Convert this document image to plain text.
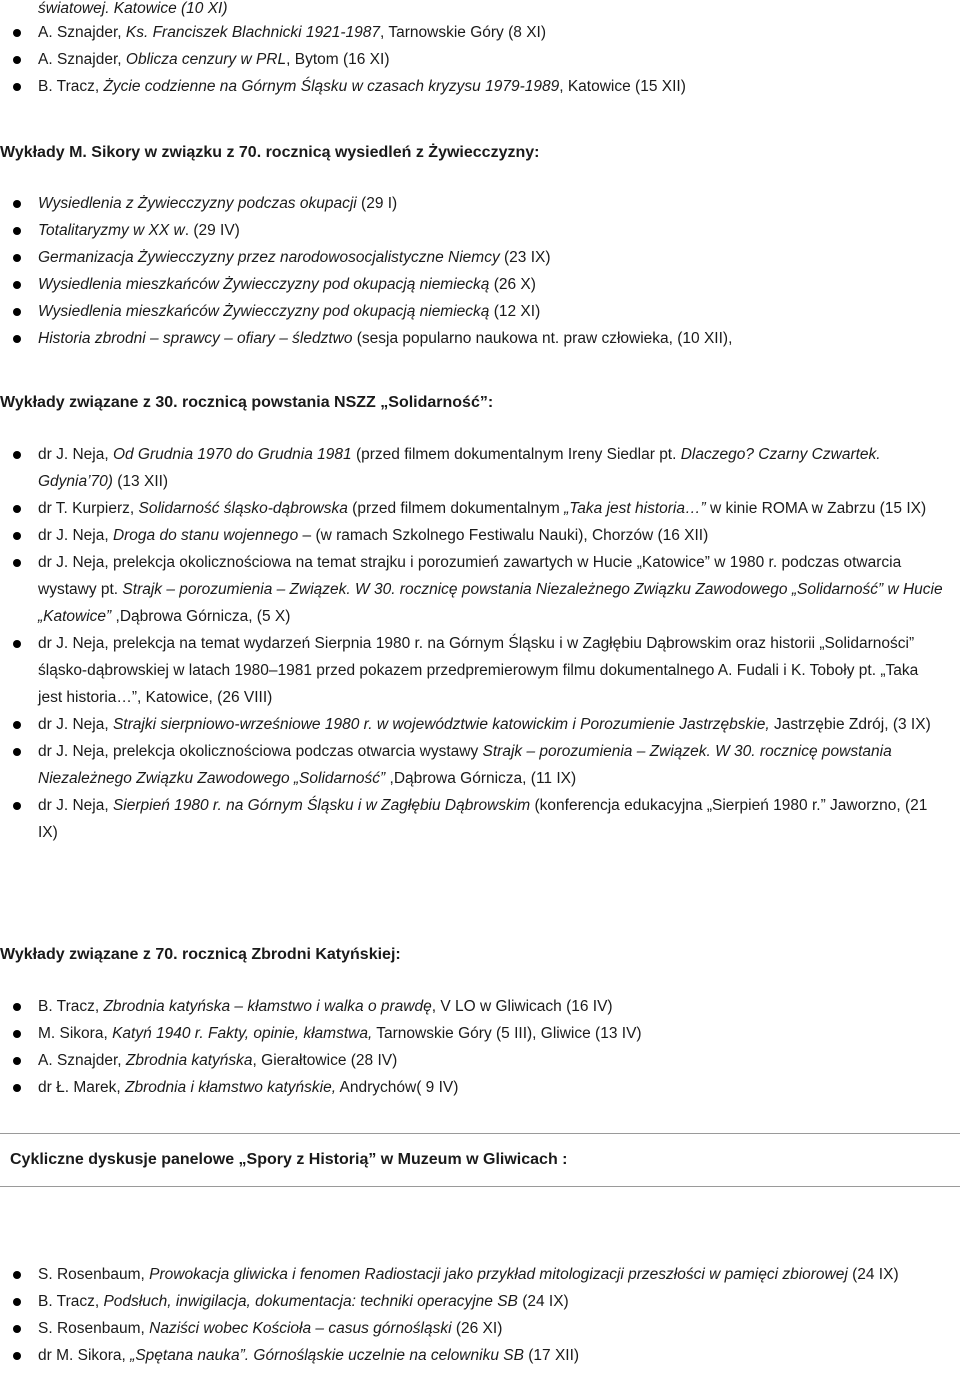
światowej. Katowice (10 XI)
A. Sznajder, Ks. Franciszek Blachnicki 1921-1987, Tarnowskie Góry (8 XI)
A. Sznajder, Oblicza cenzury w PRL, Bytom (16 XI)
B. Tracz, Życie codzienne na Górnym Śląsku w czasach kryzysu 1979-1989, Katowice (15 XII)
Wykłady M. Sikory w związku z 70. rocznicą wysiedleń z Żywiecczyzny:
Wysiedlenia z Żywiecczyzny podczas okupacji (29 I)
Totalitaryzmy w XX w. (29 IV)
Germanizacja Żywiecczyzny przez narodowosocjalistyczne Niemcy (23 IX)
Wysiedlenia mieszkańców Żywiecczyzny pod okupacją niemiecką (26 X)
Wysiedlenia mieszkańców Żywiecczyzny pod okupacją niemiecką (12 XI)
Historia zbrodni – sprawcy – ofiary – śledztwo (sesja popularno naukowa nt. praw człowieka, (10 XII),
Wykłady związane z 30. rocznicą powstania NSZZ „Solidarność”:
dr J. Neja, Od Grudnia 1970 do Grudnia 1981 (przed filmem dokumentalnym Ireny Siedlar pt. Dlaczego? Czarny Czwartek. Gdynia’70) (13 XII)
dr T. Kurpierz, Solidarność śląsko-dąbrowska (przed filmem dokumentalnym „Taka jest historia…” w kinie ROMA w Zabrzu (15 IX)
dr J. Neja, Droga do stanu wojennego – (w ramach Szkolnego Festiwalu Nauki), Chorzów (16 XII)
dr J. Neja, prelekcja okolicznościowa na temat strajku i porozumień zawartych w Hucie „Katowice” w 1980 r. podczas otwarcia wystawy pt. Strajk – porozumienia – Związek. W 30. rocznicę powstania Niezależnego Związku Zawodowego „Solidarność” w Hucie „Katowice” ,Dąbrowa Górnicza, (5 X)
dr J. Neja, prelekcja na temat wydarzeń Sierpnia 1980 r. na Górnym Śląsku i w Zagłębiu Dąbrowskim oraz historii „Solidarności” śląsko-dąbrowskiej w latach 1980–1981 przed pokazem przedpremierowym filmu dokumentalnego A. Fudali i K. Toboły pt. „Taka jest historia…”, Katowice, (26 VIII)
dr J. Neja, Strajki sierpniowo-wrześniowe 1980 r. w województwie katowickim i Porozumienie Jastrzębskie, Jastrzębie Zdrój, (3 IX)
dr J. Neja, prelekcja okolicznościowa podczas otwarcia wystawy Strajk – porozumienia – Związek. W 30. rocznicę powstania Niezależnego Związku Zawodowego „Solidarność” ,Dąbrowa Górnicza, (11 IX)
dr J. Neja, Sierpień 1980 r. na Górnym Śląsku i w Zagłębiu Dąbrowskim (konferencja edukacyjna „Sierpień 1980 r.” Jaworzno, (21 IX)
Wykłady związane z 70. rocznicą Zbrodni Katyńskiej:
B. Tracz, Zbrodnia katyńska – kłamstwo i walka o prawdę, V LO w Gliwicach (16 IV)
M. Sikora, Katyń 1940 r. Fakty, opinie, kłamstwa, Tarnowskie Góry (5 III), Gliwice (13 IV)
A. Sznajder, Zbrodnia katyńska, Gierałtowice (28 IV)
dr Ł. Marek, Zbrodnia i kłamstwo katyńskie, Andrychów( 9 IV)
Cykliczne dyskusje panelowe „Spory z Historią” w Muzeum w Gliwicach :
S. Rosenbaum, Prowokacja gliwicka i fenomen Radiostacji jako przykład mitologizacji przeszłości w pamięci zbiorowej (24 IX)
B. Tracz, Podsłuch, inwigilacja, dokumentacja: techniki operacyjne SB (24 IX)
S. Rosenbaum, Naziści wobec Kościoła – casus górnośląski (26 XI)
dr M. Sikora, „Spętana nauka”. Górnośląskie uczelnie na celowniku SB (17 XII)
